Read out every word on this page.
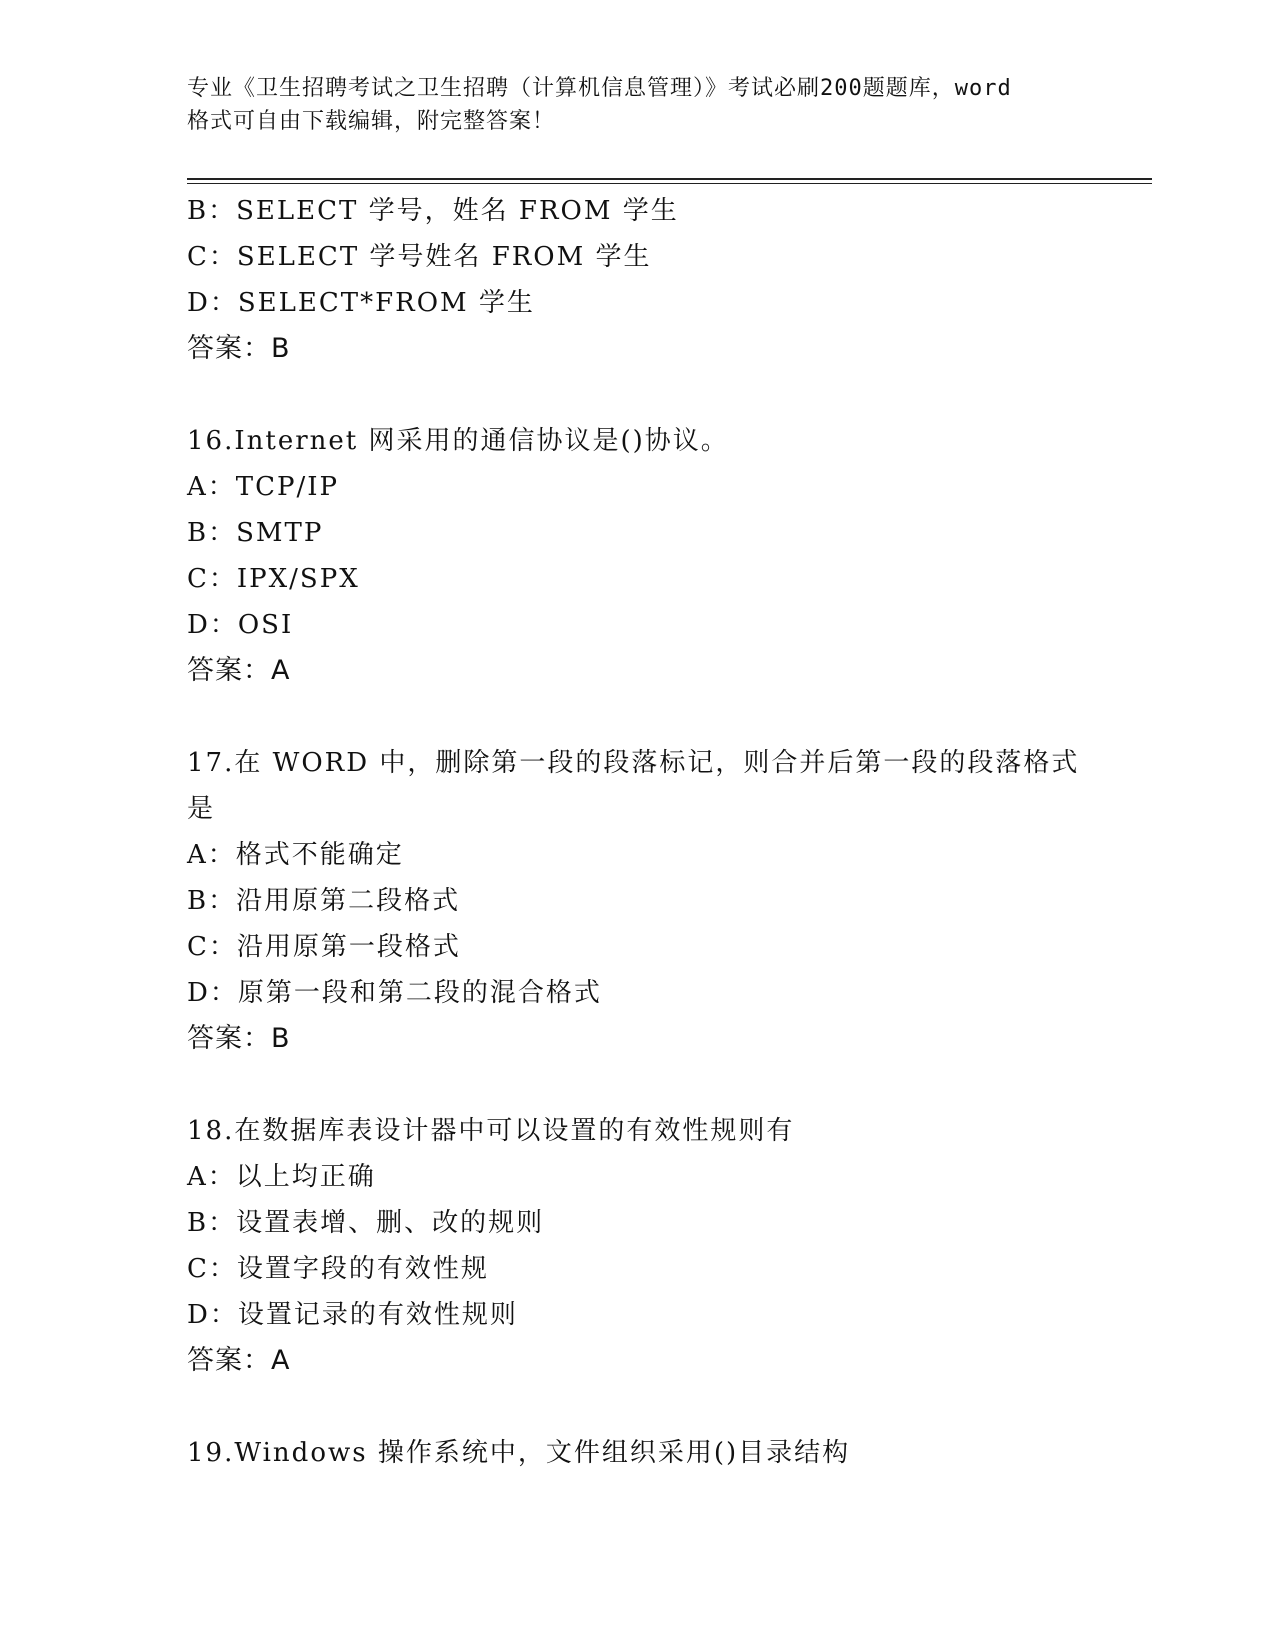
专业《卫生招聘考试之卫生招聘（计算机信息管理）》考试必刷200题题库，word
格式可自由下载编辑，附完整答案！
B：SELECT 学号，姓名 FROM 学生
C：SELECT 学号姓名 FROM 学生
D：SELECT*FROM 学生
答案：B
16.Internet 网采用的通信协议是()协议。
A：TCP/IP
B：SMTP
C：IPX/SPX
D：OSI
答案：A
17.在 WORD 中，删除第一段的段落标记，则合并后第一段的段落格式
是
A：格式不能确定
B：沿用原第二段格式
C：沿用原第一段格式
D：原第一段和第二段的混合格式
答案：B
18.在数据库表设计器中可以设置的有效性规则有
A：以上均正确
B：设置表增、删、改的规则
C：设置字段的有效性规
D：设置记录的有效性规则
答案：A
19.Windows 操作系统中，文件组织采用()目录结构
